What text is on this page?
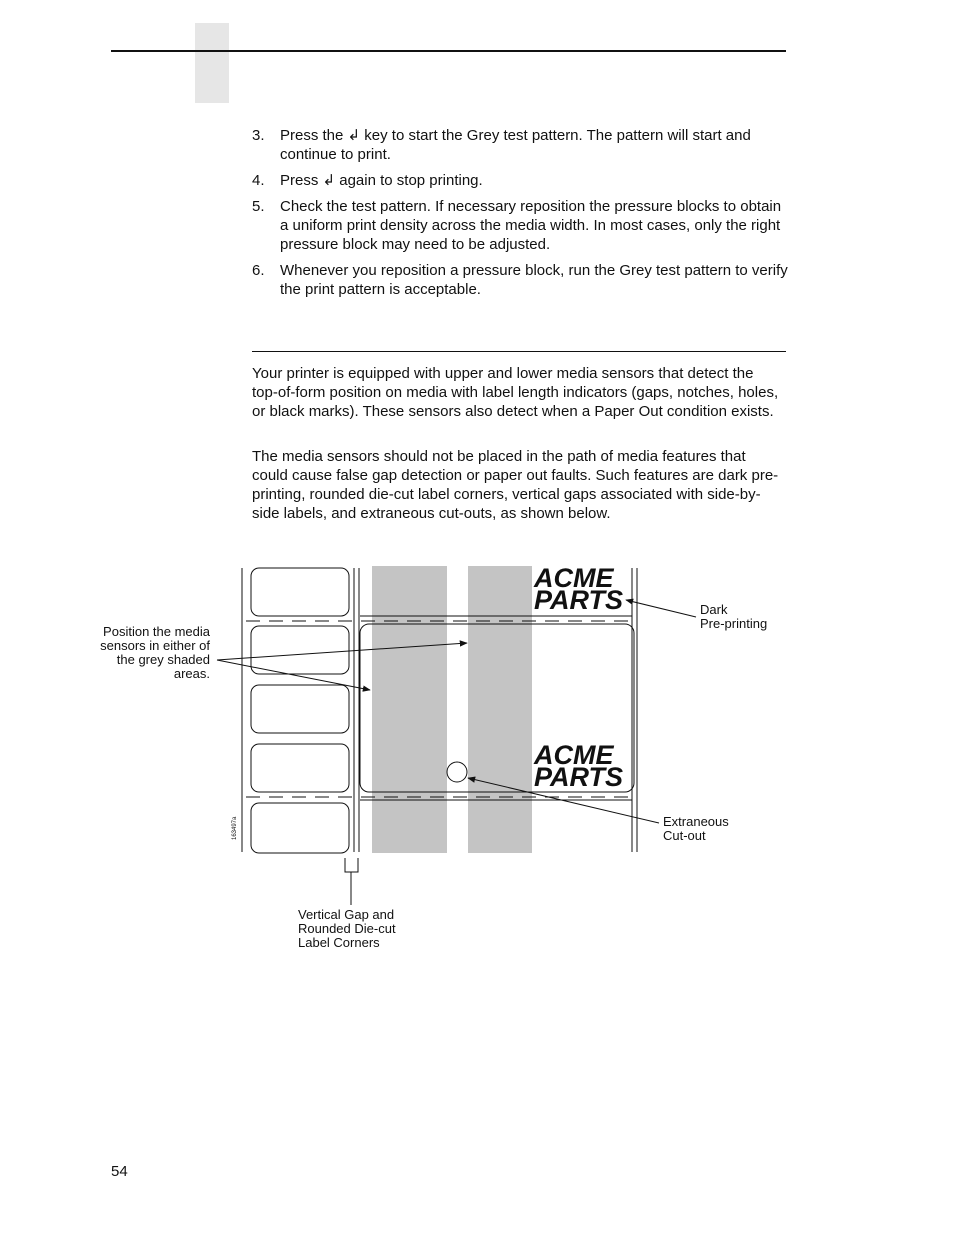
3. Press the ↲ key to start the Grey test pattern. The pattern will start and continue to print.
4. Press ↲ again to stop printing.
5. Check the test pattern. If necessary reposition the pressure blocks to obtain a uniform print density across the media width. In most cases, only the right pressure block may need to be adjusted.
6. Whenever you reposition a pressure block, run the Grey test pattern to verify the print pattern is acceptable.

Your printer is equipped with upper and lower media sensors that detect the top-of-form position on media with label length indicators (gaps, notches, holes, or black marks). These sensors also detect when a Paper Out condition exists.

The media sensors should not be placed in the path of media features that could cause false gap detection or paper out faults. Such features are dark pre-printing, rounded die-cut label corners, vertical gaps associated with side-by-side labels, and extraneous cut-outs, as shown below.

ACME
PARTS
ACME
PARTS
163497a
Position the media sensors in either of the grey shaded areas.
Dark
Pre-printing
Extraneous
Cut-out
Vertical Gap and
Rounded Die-cut
Label Corners
54
